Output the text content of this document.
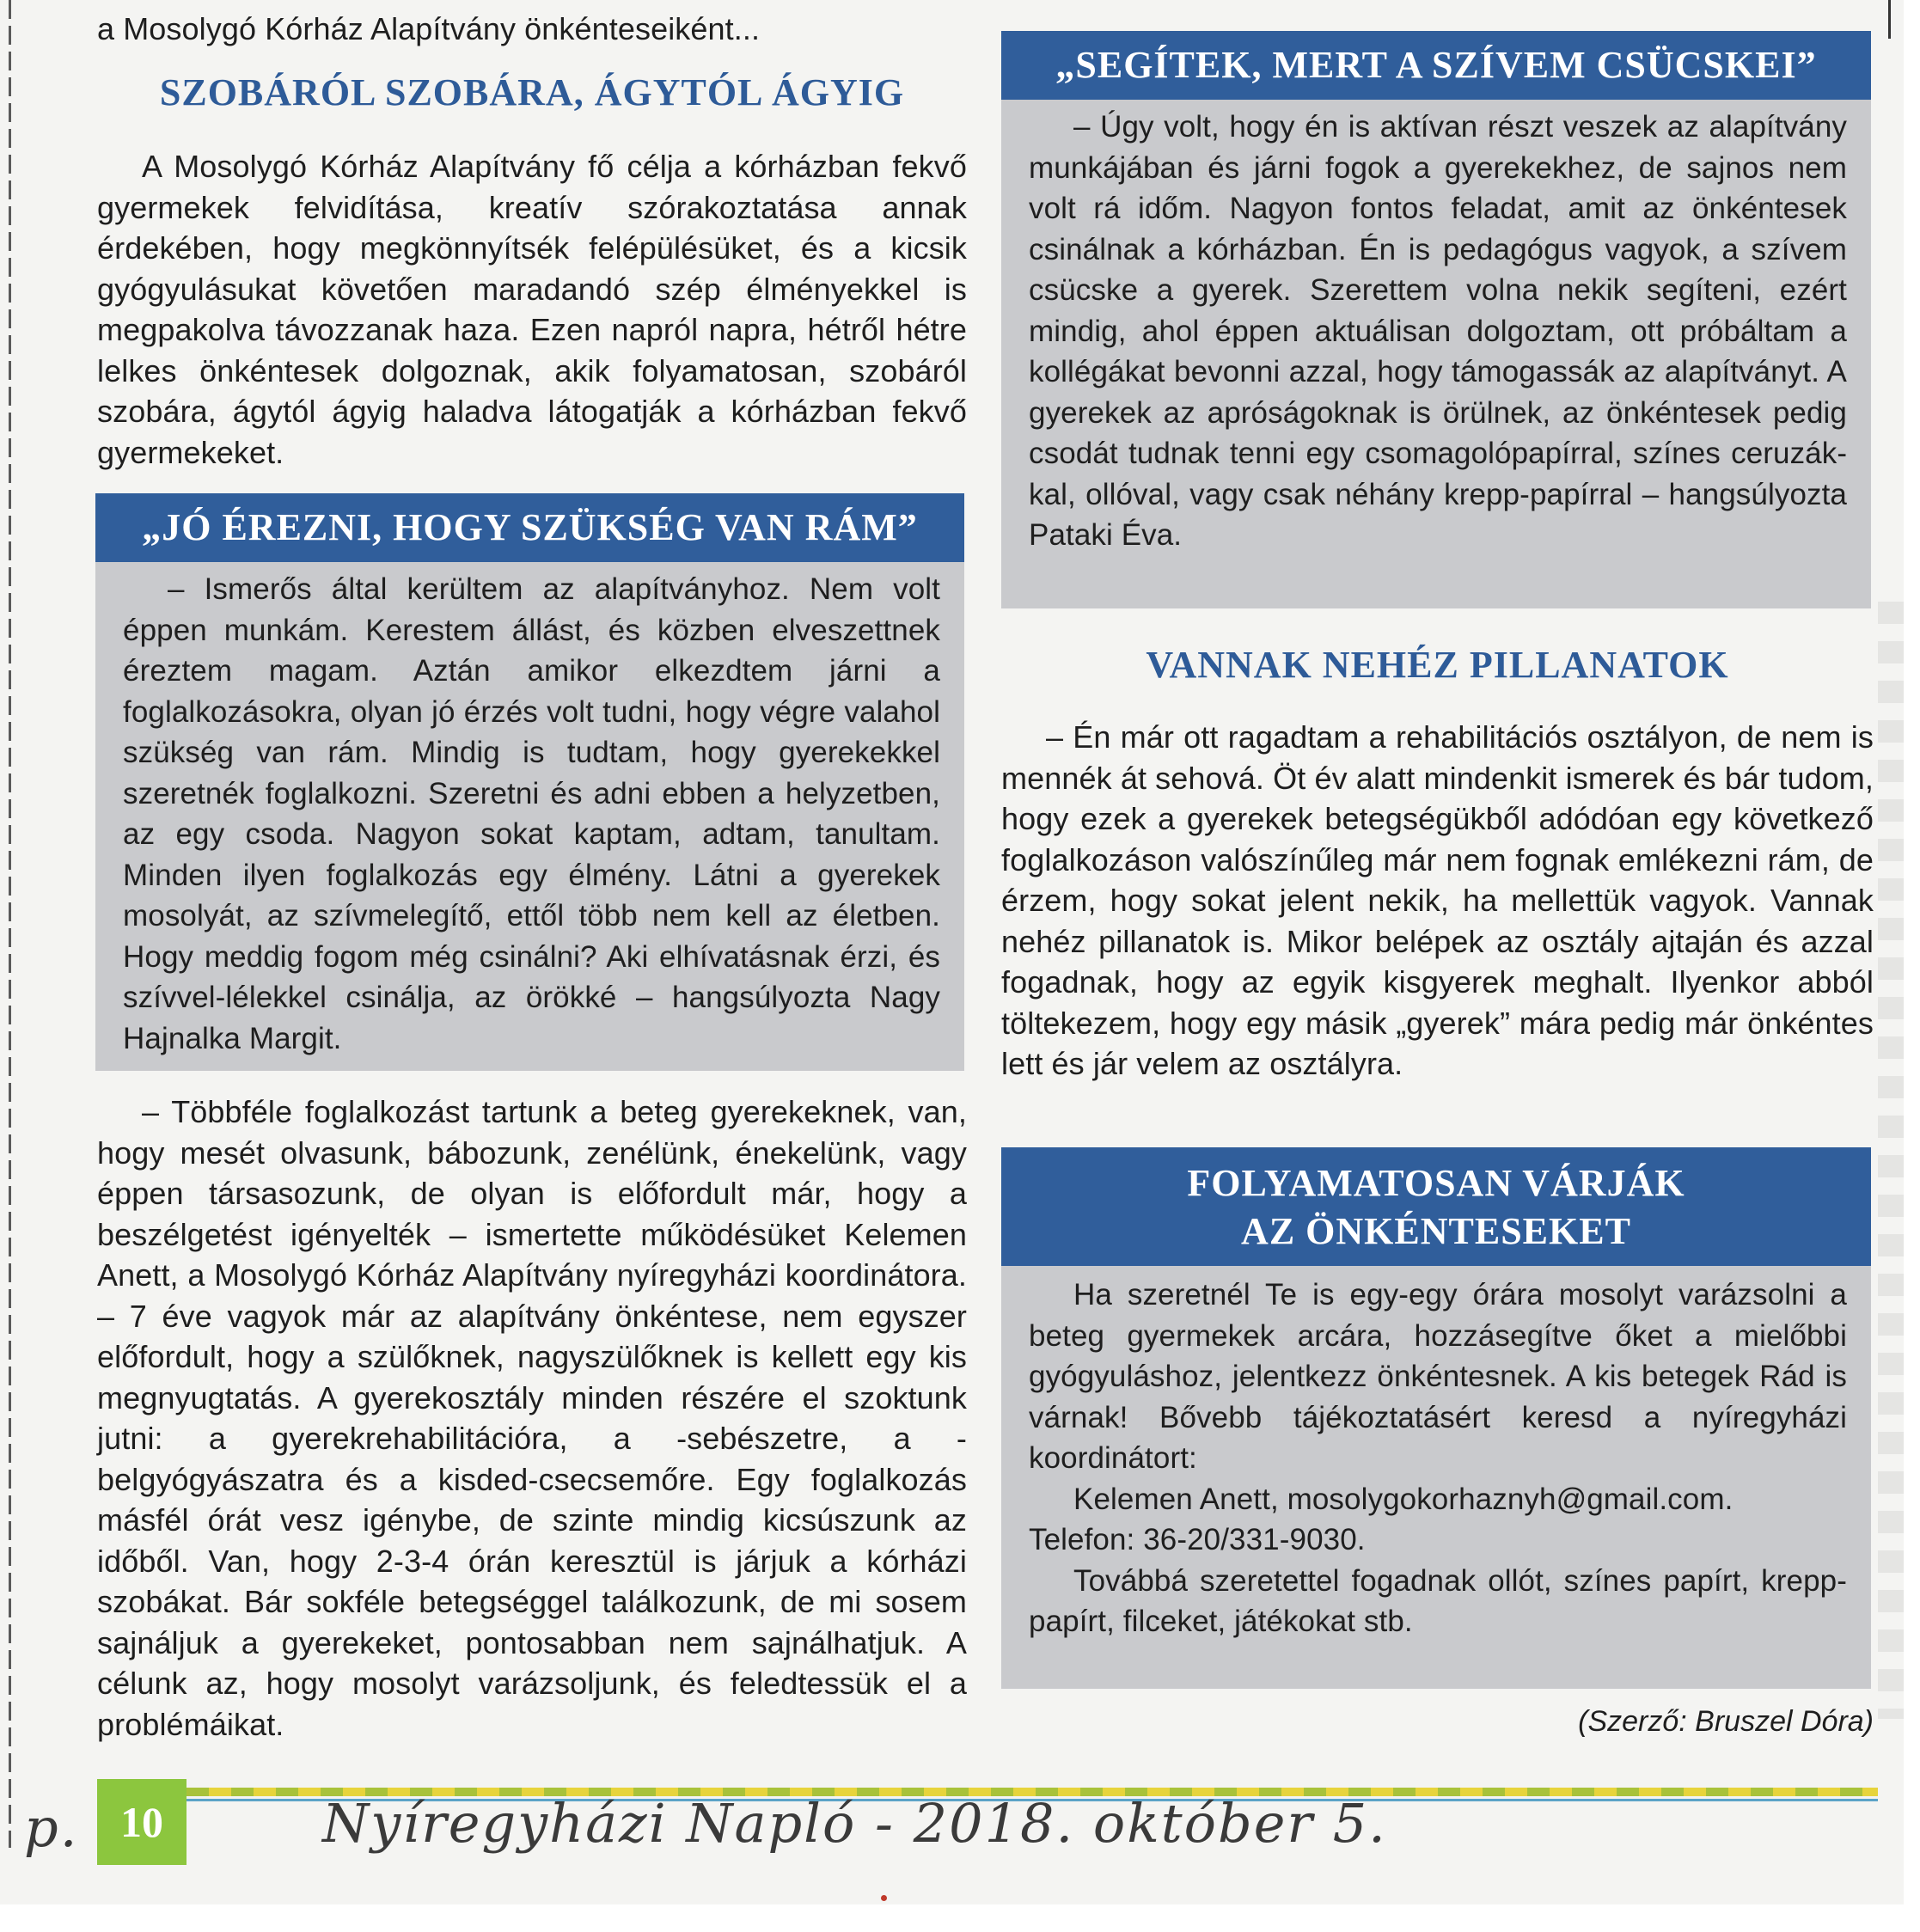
a Mosolygó Kórház Alapítvány önkénteseiként...

SZOBÁRÓL SZOBÁRA, ÁGYTÓL ÁGYIG

A Mosolygó Kórház Alapítvány fő célja a kórházban fekvő gyermekek felvidítása, kreatív szórakoztatása annak érdekében, hogy megkönnyítsék felépülésüket, és a kicsik gyógyulásukat követően maradandó szép élményekkel is megpakolva távozzanak haza. Ezen napról napra, hétről hétre lelkes önkéntesek dolgoznak, akik folyamatosan, szobáról szobára, ágytól ágyig haladva látogatják a kórházban fekvő gyermekeket.

„JÓ ÉREZNI, HOGY SZÜKSÉG VAN RÁM”

– Ismerős által kerültem az alapítványhoz. Nem volt éppen munkám. Kerestem állást, és közben elveszettnek éreztem magam. Aztán amikor elkezdtem járni a foglalkozásokra, olyan jó érzés volt tudni, hogy végre valahol szükség van rám. Mindig is tudtam, hogy gyerekekkel szeretnék foglalkozni. Szeretni és adni ebben a helyzetben, az egy csoda. Nagyon sokat kaptam, adtam, tanultam. Minden ilyen foglalkozás egy élmény. Látni a gyerekek mosolyát, az szívmelegítő, ettől több nem kell az életben. Hogy meddig fogom még csinálni? Aki elhívatásnak érzi, és szívvel-lélekkel csinálja, az örökké – hangsúlyozta Nagy Hajnalka Margit.

– Többféle foglalkozást tartunk a beteg gyerekeknek, van, hogy mesét olvasunk, bábozunk, zenélünk, énekelünk, vagy éppen társasozunk, de olyan is előfordult már, hogy a beszélgetést igényelték – ismertette működésüket Kelemen Anett, a Mosolygó Kórház Alapítvány nyíregyházi koordinátora. – 7 éve vagyok már az alapítvány önkéntese, nem egyszer előfordult, hogy a szülőknek, nagyszülőknek is kellett egy kis megnyugtatás. A gyerekosztály minden részére el szoktunk jutni: a gyerekrehabilitációra, a -sebészetre, a -belgyógyászatra és a kisded-csecsemőre. Egy foglalkozás másfél órát vesz igénybe, de szinte mindig kicsúszunk az időből. Van, hogy 2-3-4 órán keresztül is járjuk a kórházi szobákat. Bár sokféle betegséggel találkozunk, de mi sosem sajnáljuk a gyerekeket, pontosabban nem sajnálhatjuk. A célunk az, hogy mosolyt varázsoljunk, és feledtessük el a problémáikat.

„SEGÍTEK, MERT A SZÍVEM CSÜCSKEI”

– Úgy volt, hogy én is aktívan részt veszek az alapítvány munkájában és járni fogok a gyerekekhez, de sajnos nem volt rá időm. Nagyon fontos feladat, amit az önkéntesek csinálnak a kórházban. Én is pedagógus vagyok, a szívem csücske a gyerek. Szerettem volna nekik segíteni, ezért mindig, ahol éppen aktuálisan dolgoztam, ott próbáltam a kollégákat bevonni azzal, hogy támogassák az alapítványt. A gyerekek az apróságoknak is örülnek, az önkéntesek pedig csodát tudnak tenni egy csomagolópapírral, színes ceruzákkal, ollóval, vagy csak néhány krepp-papírral – hangsúlyozta Pataki Éva.

VANNAK NEHÉZ PILLANATOK

– Én már ott ragadtam a rehabilitációs osztályon, de nem is mennék át sehová. Öt év alatt mindenkit ismerek és bár tudom, hogy ezek a gyerekek betegségükből adódóan egy következő foglalkozáson valószínűleg már nem fognak emlékezni rám, de érzem, hogy sokat jelent nekik, ha mellettük vagyok. Vannak nehéz pillanatok is. Mikor belépek az osztály ajtaján és azzal fogadnak, hogy az egyik kisgyerek meghalt. Ilyenkor abból töltekezem, hogy egy másik „gyerek” mára pedig már önkéntes lett és jár velem az osztályra.

FOLYAMATOSAN VÁRJÁK
AZ ÖNKÉNTESEKET

Ha szeretnél Te is egy-egy órára mosolyt varázsolni a beteg gyermekek arcára, hozzásegítve őket a mielőbbi gyógyuláshoz, jelentkezz önkéntesnek. A kis betegek Rád is várnak! Bővebb tájékoztatásért keresd a nyíregyházi koordinátort:

Kelemen Anett, mosolygokorhaznyh@gmail.com.

Telefon: 36-20/331-9030.

Továbbá szeretettel fogadnak ollót, színes papírt, krepp-papírt, filceket, játékokat stb.

(Szerző: Bruszel Dóra)
10
p.	Nyíregyházi Napló - 2018. október 5.
